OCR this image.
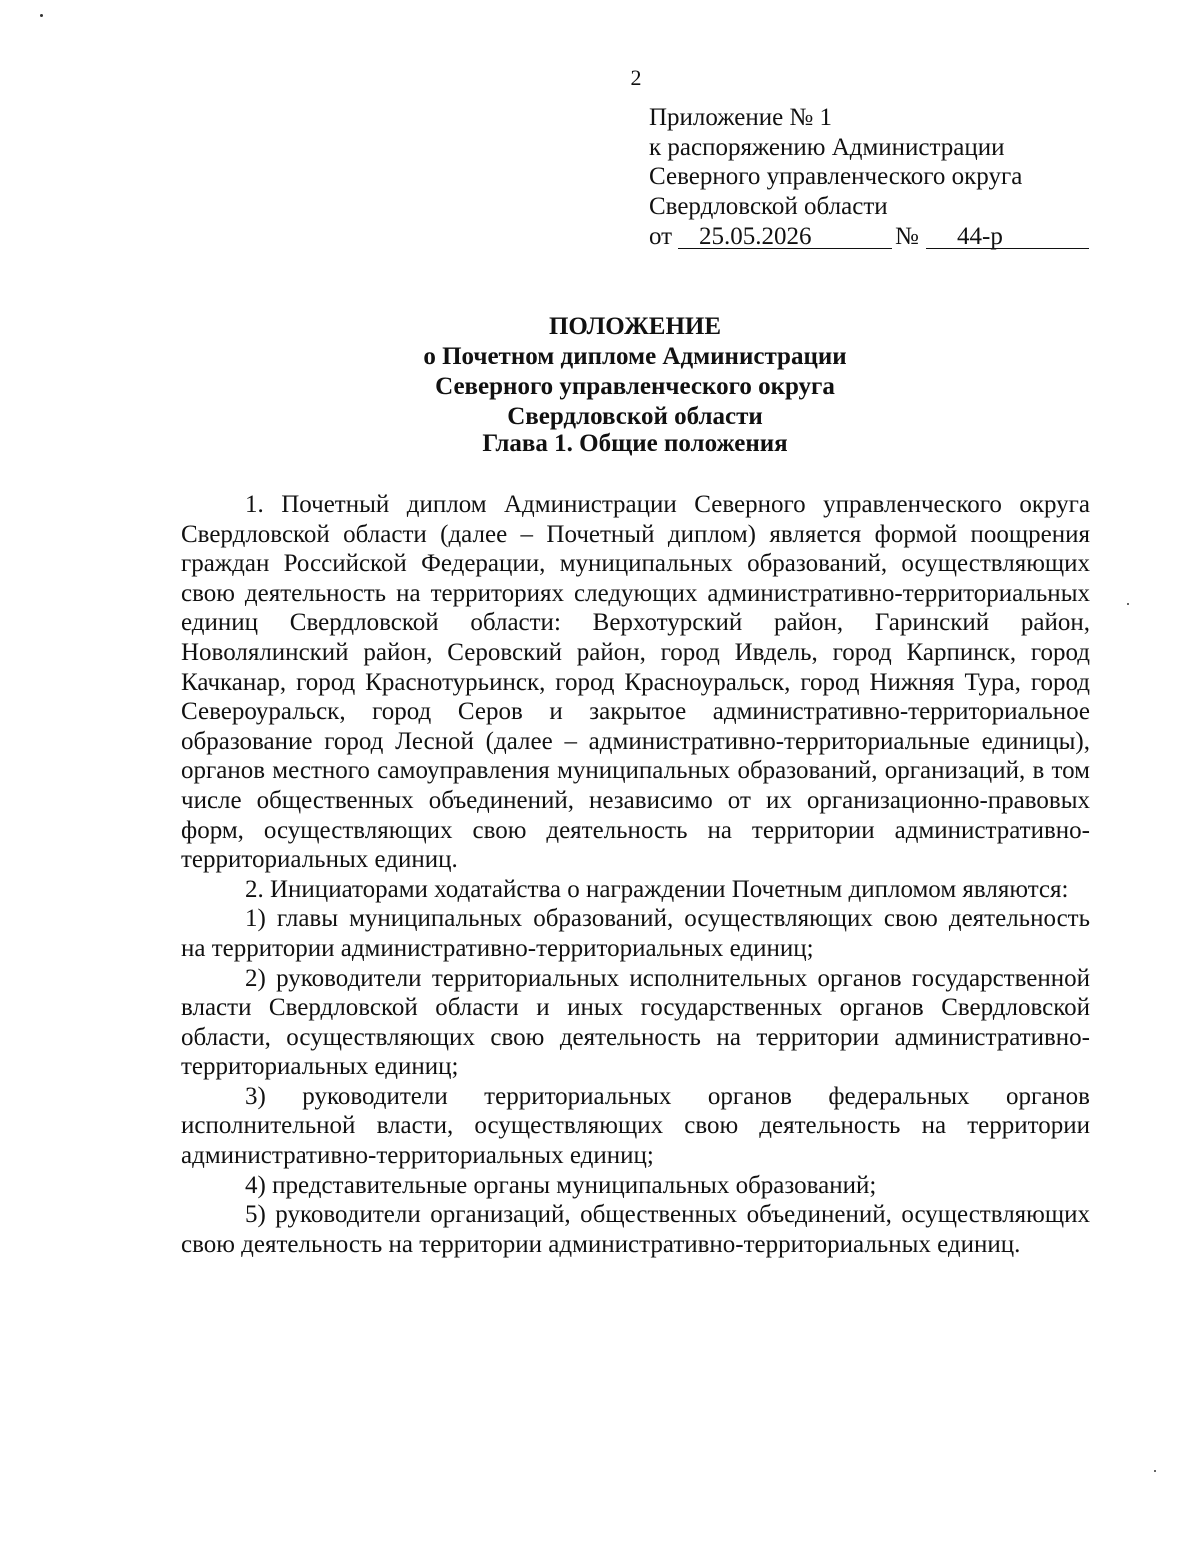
2
Приложение № 1
к распоряжению Администрации
Северного управленческого округа
Свердловской области
от	25.05.2026	№	44-р
ПОЛОЖЕНИЕ
о Почетном дипломе Администрации Северного управленческого округа Свердловской области
Глава 1. Общие положения

1. Почетный диплом Администрации Северного управленческого округа Свердловской области (далее – Почетный диплом) является формой поощрения граждан Российской Федерации, муниципальных образований, осуществляющих свою деятельность на территориях следующих административно-территориальных единиц Свердловской области: Верхотурский район, Гаринский район, Новолялинский район, Серовский район, город Ивдель, город Карпинск, город Качканар, город Краснотурьинск, город Красноуральск, город Нижняя Тура, город Североуральск, город Серов и закрытое административно-территориальное образование город Лесной (далее – административно-территориальные единицы), органов местного самоуправления муниципальных образований, организаций, в том числе общественных объединений, независимо от их организационно-правовых форм, осуществляющих свою деятельность на территории административно-территориальных единиц.

2. Инициаторами ходатайства о награждении Почетным дипломом являются:

1) главы муниципальных образований, осуществляющих свою деятельность на территории административно-территориальных единиц;

2) руководители территориальных исполнительных органов государственной власти Свердловской области и иных государственных органов Свердловской области, осуществляющих свою деятельность на территории административно-территориальных единиц;

3) руководители территориальных органов федеральных органов исполнительной власти, осуществляющих свою деятельность на территории административно-территориальных единиц;

4) представительные органы муниципальных образований;

5) руководители организаций, общественных объединений, осуществляющих свою деятельность на территории административно-территориальных единиц.
